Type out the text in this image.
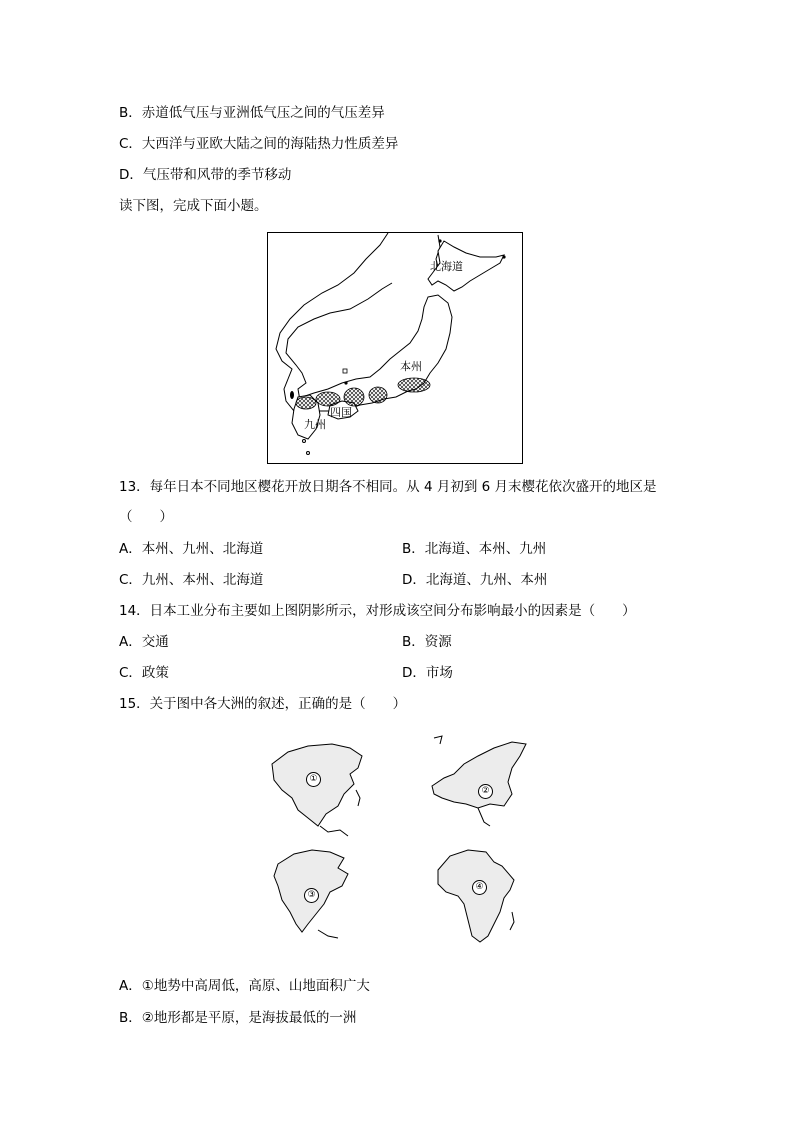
B．赤道低气压与亚洲低气压之间的气压差异
C．大西洋与亚欧大陆之间的海陆热力性质差异
D．气压带和风带的季节移动
读下图，完成下面小题。
北海道
本州
四国
九州
13．每年日本不同地区樱花开放日期各不相同。从 4 月初到 6 月末樱花依次盛开的地区是
（　　）
A．本州、九州、北海道	B．北海道、本州、九州
C．九州、本州、北海道	D．北海道、九州、本州
14．日本工业分布主要如上图阴影所示，对形成该空间分布影响最小的因素是（　　）
A．交通	B．资源
C．政策	D．市场
15．关于图中各大洲的叙述，正确的是（　　）
①
②
③
④
A．①地势中高周低，高原、山地面积广大
B．②地形都是平原，是海拔最低的一洲
